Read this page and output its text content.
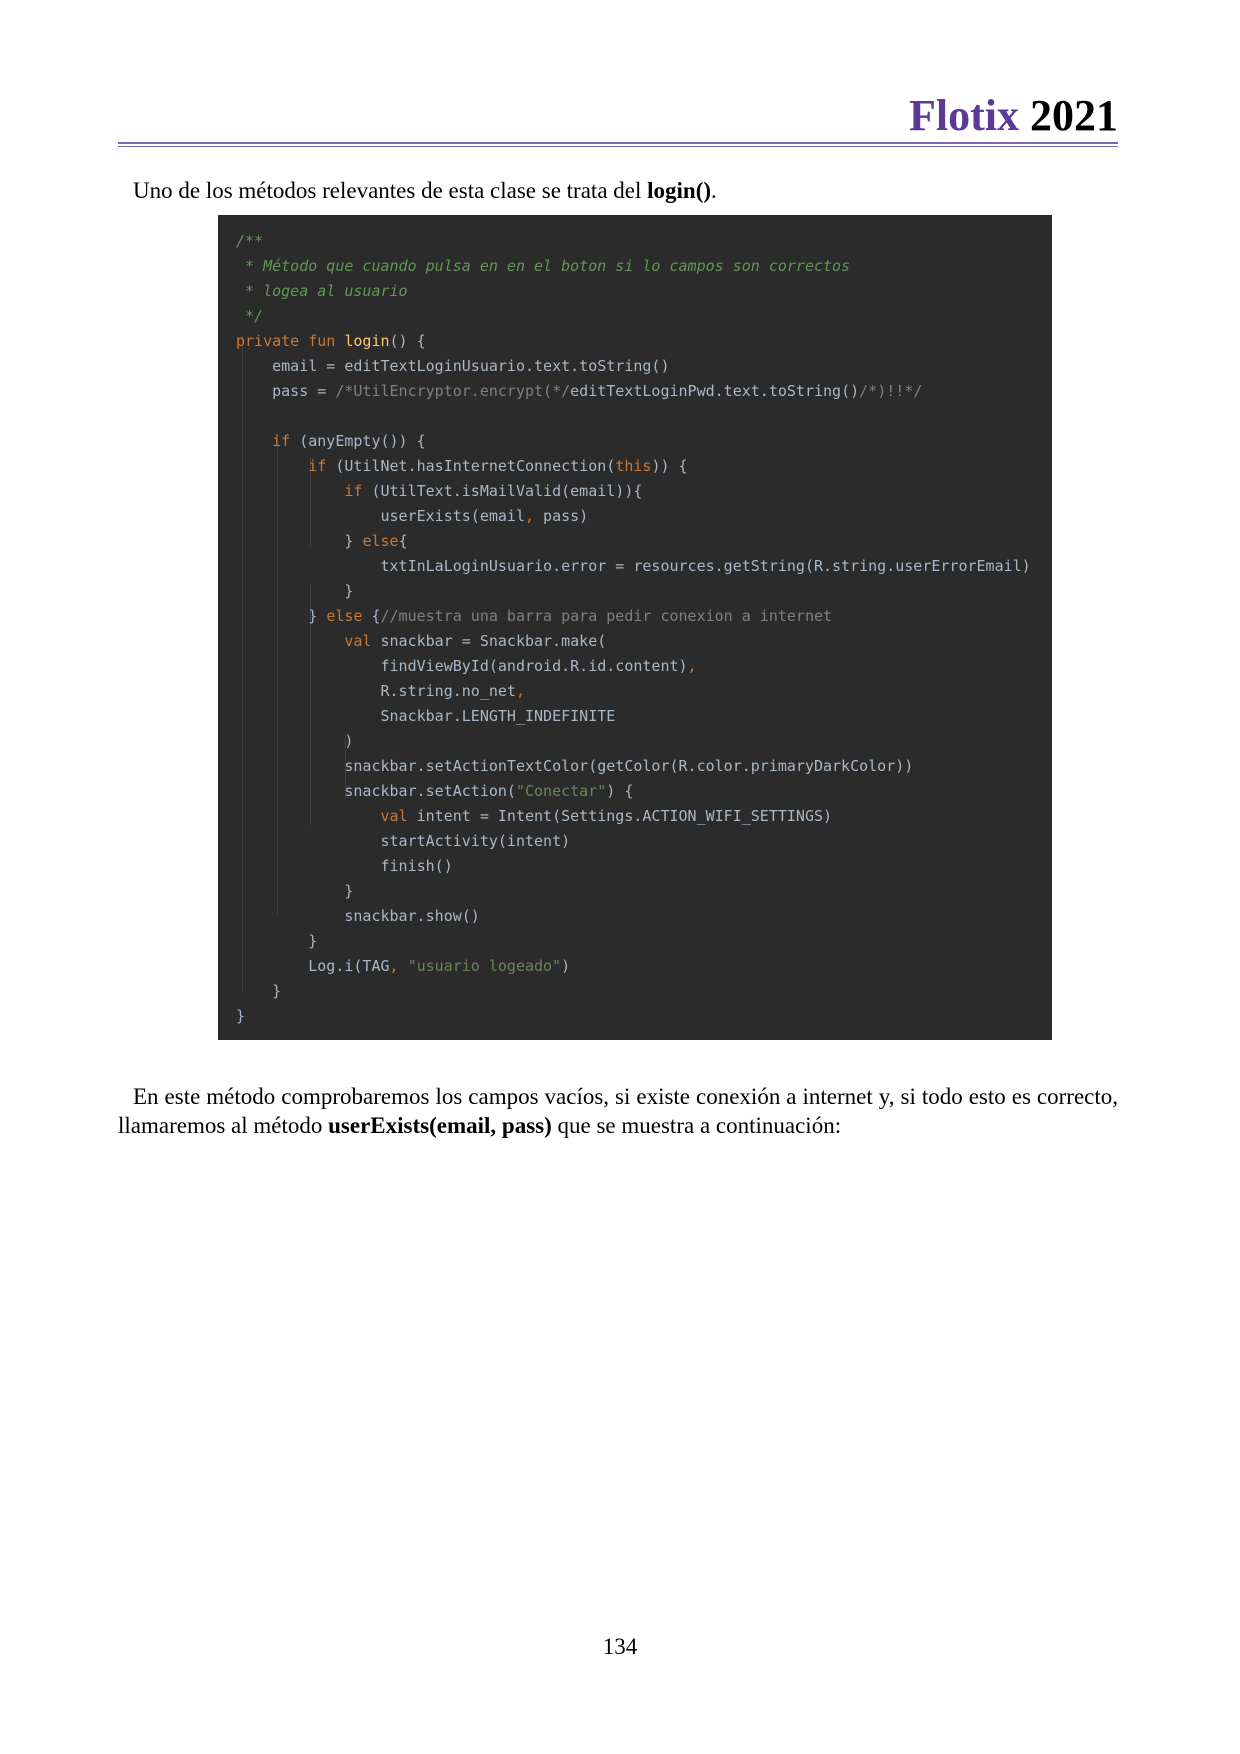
Flotix 2021

Uno de los métodos relevantes de esta clase se trata del login().

/**
* Método que cuando pulsa en en el boton si lo campos son correctos
* logea al usuario
*/
private fun login() {
email = editTextLoginUsuario.text.toString()
pass = /*UtilEncryptor.encrypt(*/editTextLoginPwd.text.toString()/*)!!*/
if (anyEmpty()) {
if (UtilNet.hasInternetConnection(this)) {
if (UtilText.isMailValid(email)){
userExists(email, pass)
} else{
txtInLaLoginUsuario.error = resources.getString(R.string.userErrorEmail)
}
} else {//muestra una barra para pedir conexion a internet
val snackbar = Snackbar.make(
findViewById(android.R.id.content),
R.string.no_net,
Snackbar.LENGTH_INDEFINITE
)
snackbar.setActionTextColor(getColor(R.color.primaryDarkColor))
snackbar.setAction("Conectar") {
val intent = Intent(Settings.ACTION_WIFI_SETTINGS)
startActivity(intent)
finish()
}
snackbar.show()
}
Log.i(TAG, "usuario logeado")
}
}

En este método comprobaremos los campos vacíos, si existe conexión a internet y, si todo esto es correcto, llamaremos al método userExists(email, pass) que se muestra a continuación:

134
